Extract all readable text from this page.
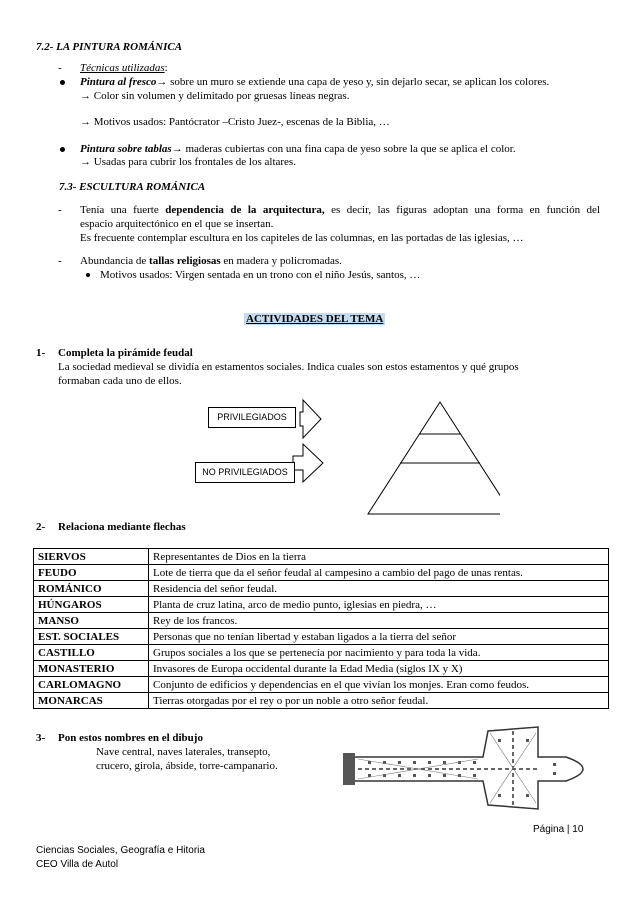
7.2- LA PINTURA ROMÁNICA
- Técnicas utilizadas:
Pintura al fresco→ sobre un muro se extiende una capa de yeso y, sin dejarlo secar, se aplican los colores.
→ Color sin volumen y delimitado por gruesas líneas negras.
→ Motivos usados: Pantócrator –Cristo Juez-, escenas de la Biblia, …
Pintura sobre tablas→ maderas cubiertas con una fina capa de yeso sobre la que se aplica el color.
→ Usadas para cubrir los frontales de los altares.
7.3- ESCULTURA ROMÁNICA
- Tenía una fuerte dependencia de la arquitectura, es decir, las figuras adoptan una forma en función del
espacio arquitectónico en el que se insertan.
Es frecuente contemplar escultura en los capiteles de las columnas, en las portadas de las iglesias, …
- Abundancia de tallas religiosas en madera y policromadas.
Motivos usados: Virgen sentada en un trono con el niño Jesús, santos, …
ACTIVIDADES DEL TEMA
1- Completa la pirámide feudal
La sociedad medieval se dividía en estamentos sociales. Indica cuales son estos estamentos y qué grupos
formaban cada uno de ellos.
PRIVILEGIADOS
NO PRIVILEGIADOS
2- Relaciona mediante flechas
SIERVOS	Representantes de Dios en la tierra
FEUDO	Lote de tierra que da el señor feudal al campesino a cambio del pago de unas rentas.
ROMÁNICO	Residencia del señor feudal.
HÚNGAROS	Planta de cruz latina, arco de medio punto, iglesias en piedra, …
MANSO	Rey de los francos.
EST. SOCIALES	Personas que no tenían libertad y estaban ligados a la tierra del señor
CASTILLO	Grupos sociales a los que se pertenecía por nacimiento y para toda la vida.
MONASTERIO	Invasores de Europa occidental durante la Edad Media (siglos IX y X)
CARLOMAGNO	Conjunto de edificios y dependencias en el que vivían los monjes. Eran como feudos.
MONARCAS	Tierras otorgadas por el rey o por un noble a otro señor feudal.
3- Pon estos nombres en el dibujo
Nave central, naves laterales, transepto,
crucero, girola, ábside, torre-campanario.
Página | 10
Ciencias Sociales, Geografía e Hitoria
CEO Villa de Autol
